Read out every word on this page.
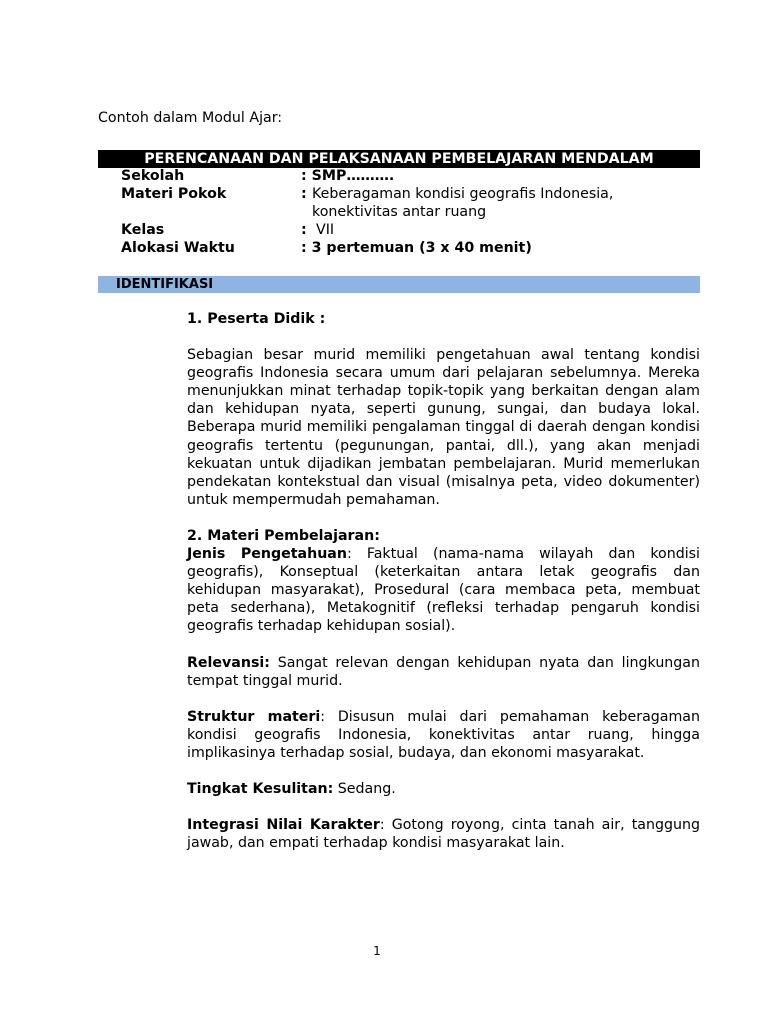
Contoh dalam Modul Ajar:
PERENCANAAN DAN PELAKSANAAN PEMBELAJARAN MENDALAM
Sekolah	: SMP……….
Materi Pokok	: Keberagaman kondisi geografis Indonesia,
konektivitas antar ruang
Kelas	: VII
Alokasi Waktu	: 3 pertemuan (3 x 40 menit)
IDENTIFIKASI
1. Peserta Didik :

Sebagian besar murid memiliki pengetahuan awal tentang kondisi geografis Indonesia secara umum dari pelajaran sebelumnya. Mereka menunjukkan minat terhadap topik-topik yang berkaitan dengan alam dan kehidupan nyata, seperti gunung, sungai, dan budaya lokal. Beberapa murid memiliki pengalaman tinggal di daerah dengan kondisi geografis tertentu (pegunungan, pantai, dll.), yang akan menjadi kekuatan untuk dijadikan jembatan pembelajaran. Murid memerlukan pendekatan kontekstual dan visual (misalnya peta, video dokumenter) untuk mempermudah pemahaman.

2. Materi Pembelajaran:

Jenis Pengetahuan: Faktual (nama-nama wilayah dan kondisi geografis), Konseptual (keterkaitan antara letak geografis dan kehidupan masyarakat), Prosedural (cara membaca peta, membuat peta sederhana), Metakognitif (refleksi terhadap pengaruh kondisi geografis terhadap kehidupan sosial).

Relevansi: Sangat relevan dengan kehidupan nyata dan lingkungan tempat tinggal murid.

Struktur materi: Disusun mulai dari pemahaman keberagaman kondisi geografis Indonesia, konektivitas antar ruang, hingga implikasinya terhadap sosial, budaya, dan ekonomi masyarakat.

Tingkat Kesulitan: Sedang.

Integrasi Nilai Karakter: Gotong royong, cinta tanah air, tanggung jawab, dan empati terhadap kondisi masyarakat lain.

1
